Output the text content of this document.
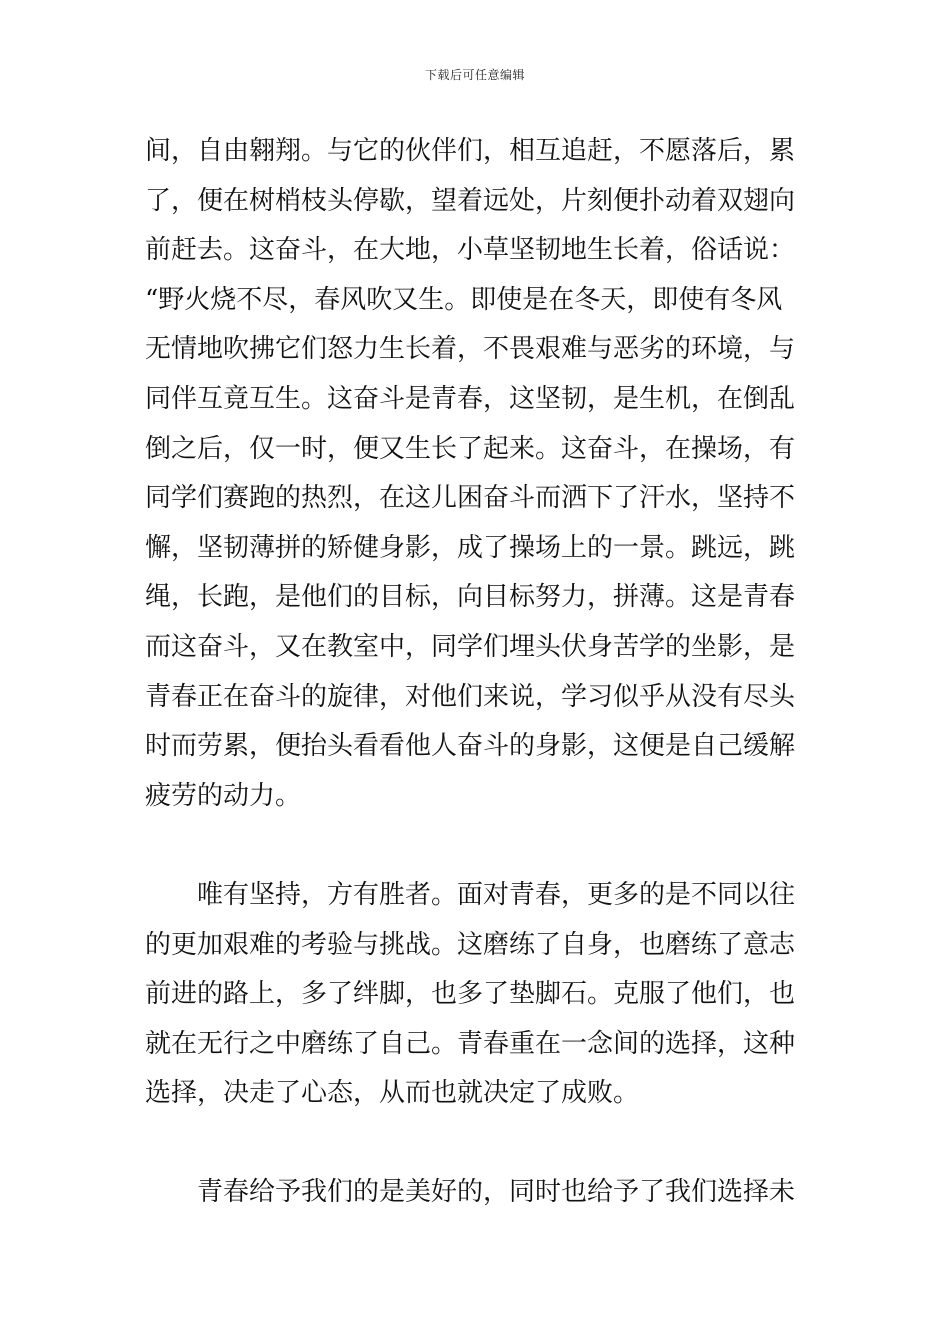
下载后可任意编辑
间，自由翱翔。与它的伙伴们，相互追赶，不愿落后，累
了，便在树梢枝头停歇，望着远处，片刻便扑动着双翅向
前赶去。这奋斗，在大地，小草坚韧地生长着，俗话说：
“野火烧不尽，春风吹又生。即使是在冬天，即使有冬风
无情地吹拂它们怒力生长着，不畏艰难与恶劣的环境，与
同伴互竟互生。这奋斗是青春，这坚韧，是生机，在倒乱
倒之后，仅一时，便又生长了起来。这奋斗，在操场，有
同学们赛跑的热烈，在这儿困奋斗而洒下了汗水，坚持不
懈，坚韧薄拼的矫健身影，成了操场上的一景。跳远，跳
绳，长跑，是他们的目标，向目标努力，拼薄。这是青春
而这奋斗，又在教室中，同学们埋头伏身苦学的坐影，是
青春正在奋斗的旋律，对他们来说，学习似乎从没有尽头
时而劳累，便抬头看看他人奋斗的身影，这便是自己缓解
疲劳的动力。
唯有坚持，方有胜者。面对青春，更多的是不同以往
的更加艰难的考验与挑战。这磨练了自身，也磨练了意志
前进的路上，多了绊脚，也多了垫脚石。克服了他们，也
就在无行之中磨练了自己。青春重在一念间的选择，这种
选择，决走了心态，从而也就决定了成败。
青春给予我们的是美好的，同时也给予了我们选择未
